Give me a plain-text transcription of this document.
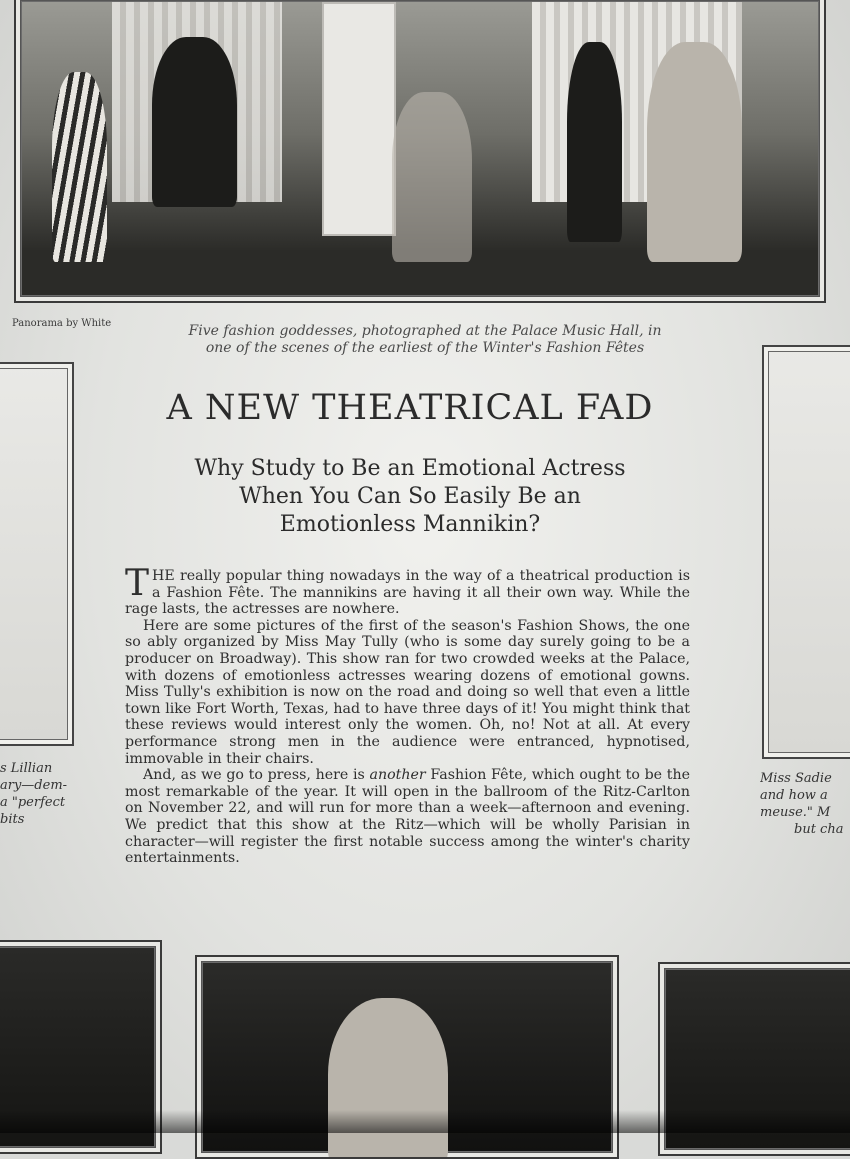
Panorama by White	Five fashion goddesses, photographed at the Palace Music Hall, in
one of the scenes of the earliest of the Winter's Fashion Fêtes
s Lillian
ary—dem-
a "perfect
bits
Miss Sadie
and how a
meuse." M
but cha
A NEW THEATRICAL FAD
Why Study to Be an Emotional Actress
When You Can So Easily Be an
Emotionless Mannikin?

THE really popular thing nowadays in the way of a theatrical production is a Fashion Fête. The mannikins are having it all their own way. While the rage lasts, the actresses are nowhere.

Here are some pictures of the first of the season's Fashion Shows, the one so ably organized by Miss May Tully (who is some day surely going to be a producer on Broadway). This show ran for two crowded weeks at the Palace, with dozens of emotionless actresses wearing dozens of emotional gowns. Miss Tully's exhibition is now on the road and doing so well that even a little town like Fort Worth, Texas, had to have three days of it! You might think that these reviews would interest only the women. Oh, no! Not at all. At every performance strong men in the audience were entranced, hypnotised, immovable in their chairs.

And, as we go to press, here is another Fashion Fête, which ought to be the most remarkable of the year. It will open in the ballroom of the Ritz-Carlton on November 22, and will run for more than a week—afternoon and evening. We predict that this show at the Ritz—which will be wholly Parisian in character—will register the first notable success among the winter's charity entertainments.
